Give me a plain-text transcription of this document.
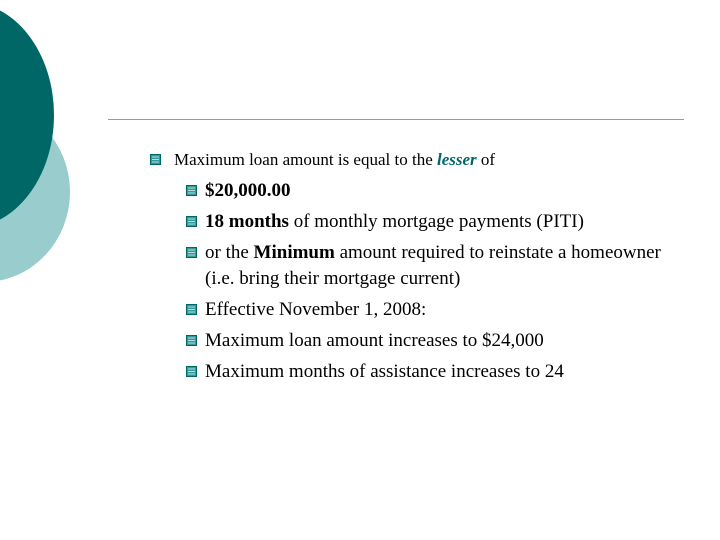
Maximum loan amount is equal to the lesser of
$20,000.00
18 months of monthly mortgage payments (PITI)
or the Minimum amount required to reinstate a homeowner (i.e. bring their mortgage current)
Effective November 1, 2008:
Maximum loan amount increases to $24,000
Maximum months of assistance increases to 24
